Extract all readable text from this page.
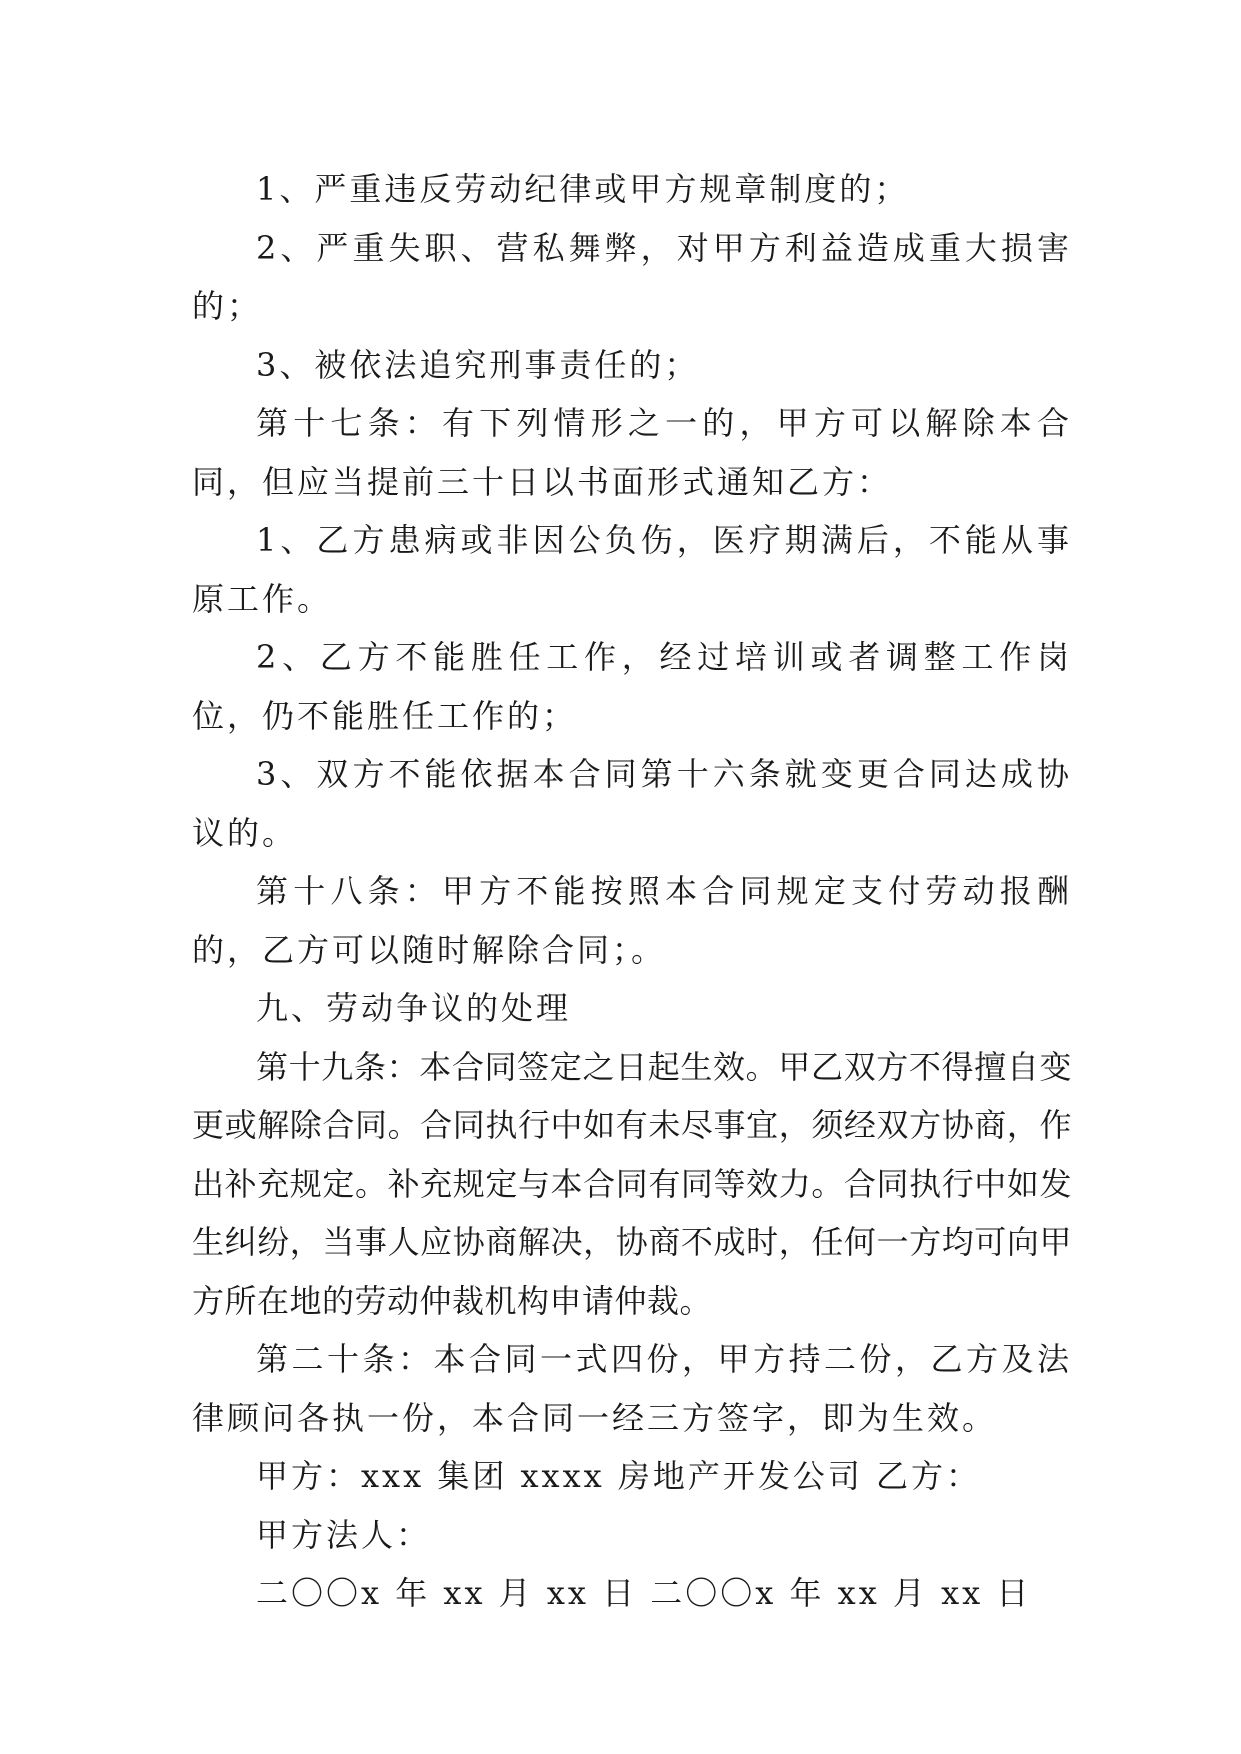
1、严重违反劳动纪律或甲方规章制度的；

2、严重失职、营私舞弊，对甲方利益造成重大损害的；

3、被依法追究刑事责任的；

第十七条：有下列情形之一的，甲方可以解除本合同，但应当提前三十日以书面形式通知乙方：

1、乙方患病或非因公负伤，医疗期满后，不能从事原工作。

2、乙方不能胜任工作，经过培训或者调整工作岗位，仍不能胜任工作的；

3、双方不能依据本合同第十六条就变更合同达成协议的。

第十八条：甲方不能按照本合同规定支付劳动报酬的，乙方可以随时解除合同；。

九、劳动争议的处理

第十九条：本合同签定之日起生效。甲乙双方不得擅自变更或解除合同。合同执行中如有未尽事宜，须经双方协商，作出补充规定。补充规定与本合同有同等效力。合同执行中如发生纠纷，当事人应协商解决，协商不成时，任何一方均可向甲方所在地的劳动仲裁机构申请仲裁。

第二十条：本合同一式四份，甲方持二份，乙方及法律顾问各执一份，本合同一经三方签字，即为生效。

甲方：xxx 集团 xxxx 房地产开发公司 乙方：

甲方法人：

二〇〇x 年 xx 月 xx 日 二〇〇x 年 xx 月 xx 日
